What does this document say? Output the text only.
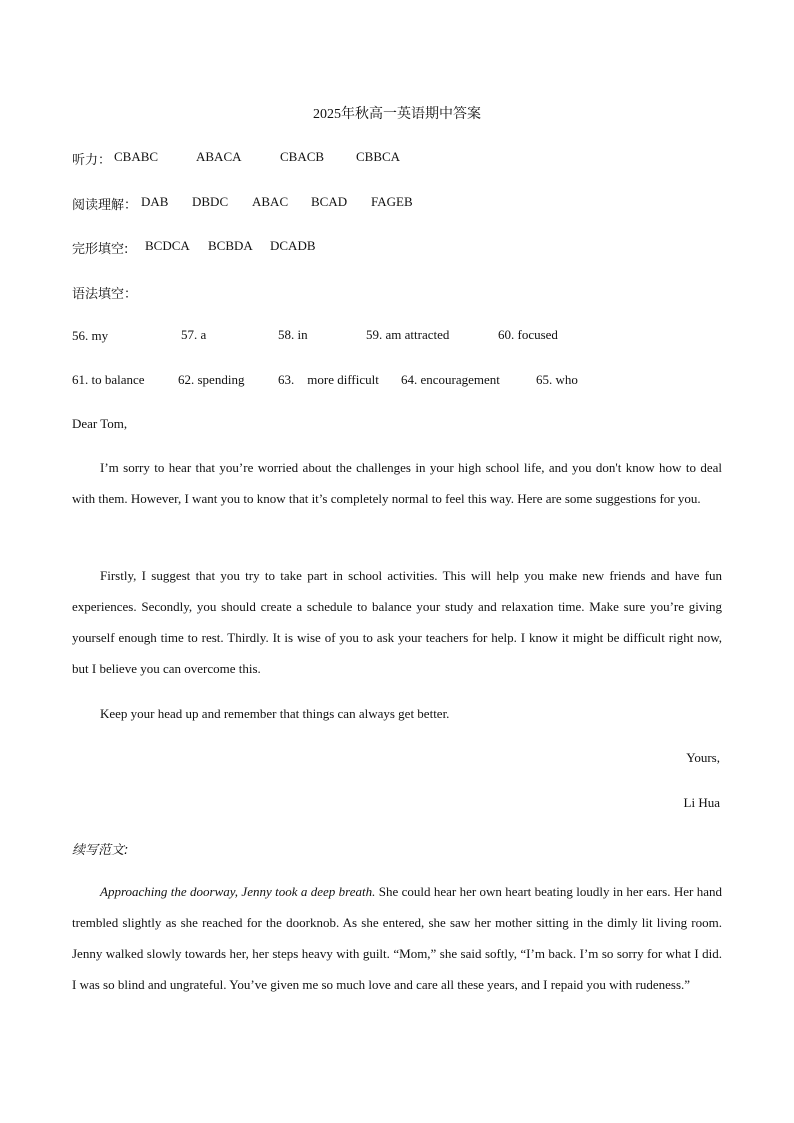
2025年秋高一英语期中答案
听力： CBABC	ABACA	CBACB CBBCA
阅读理解： DAB DBDC ABAC BCAD FAGEB
完形填空: BCDCA BCBDA DCADB
语法填空：
56. my	57. a	58. in	59. am attracted	60. focused
61. to balance	62. spending	63.    more difficult 64. encouragement	65. who
Dear Tom,
I’m sorry to hear that you’re worried about the challenges in your high school life, and you don't know how to deal with them. However, I want you to know that it’s completely normal to feel this way. Here are some suggestions for you.
Firstly, I suggest that you try to take part in school activities. This will help you make new friends and have fun experiences. Secondly, you should create a schedule to balance your study and relaxation time. Make sure you’re giving yourself enough time to rest. Thirdly. It is wise of you to ask your teachers for help. I know it might be difficult right now, but I believe you can overcome this.
Keep your head up and remember that things can always get better.
Yours,
Li Hua
续写范文:
Approaching the doorway, Jenny took a deep breath. She could hear her own heart beating loudly in her ears. Her hand trembled slightly as she reached for the doorknob. As she entered, she saw her mother sitting in the dimly lit living room. Jenny walked slowly towards her, her steps heavy with guilt. “Mom,” she said softly, “I’m back. I’m so sorry for what I did. I was so blind and ungrateful. You’ve given me so much love and care all these years, and I repaid you with rudeness.”
